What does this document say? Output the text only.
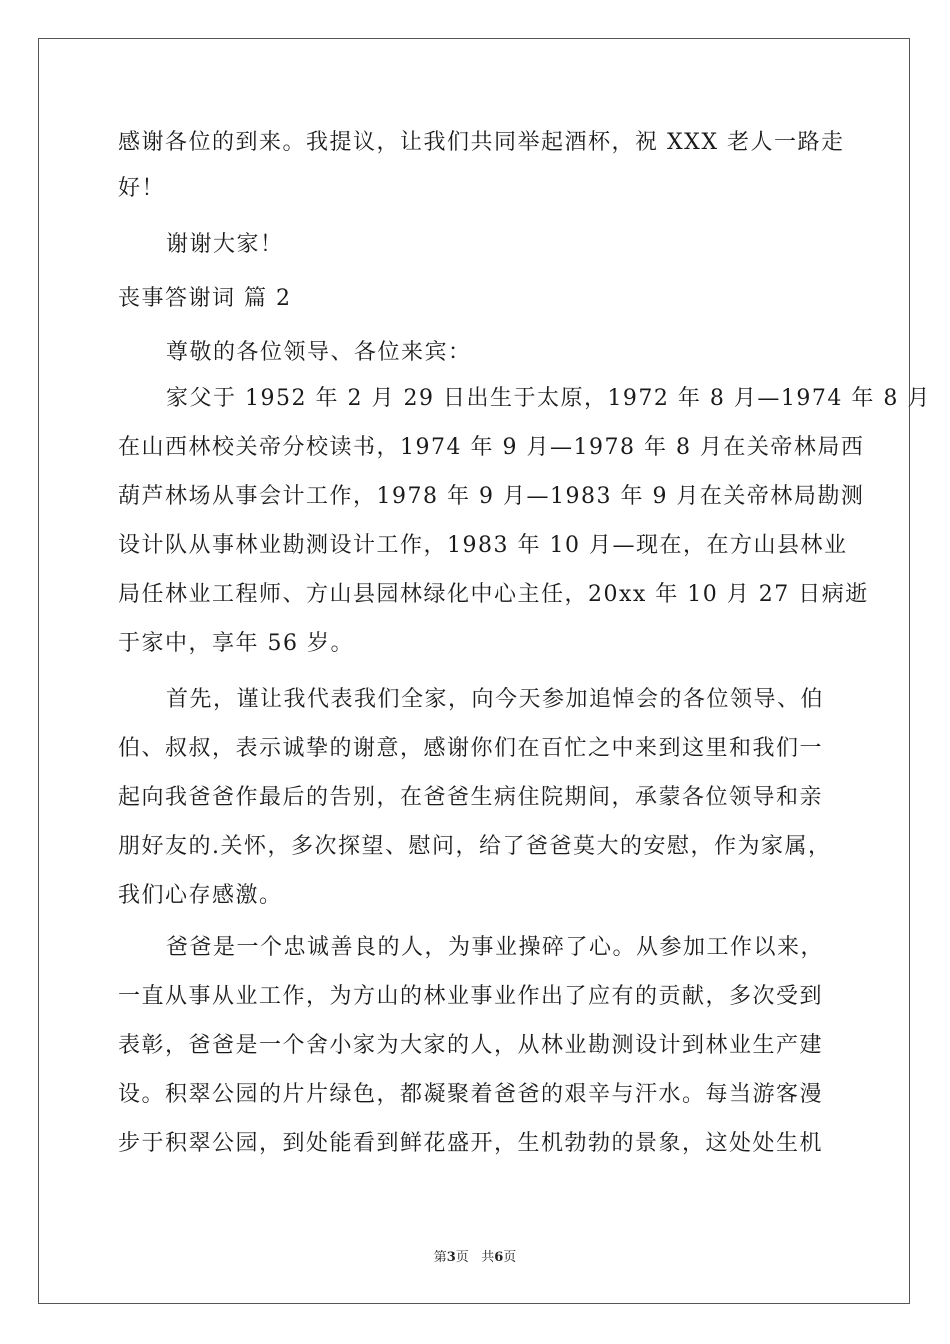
感谢各位的到来。我提议，让我们共同举起酒杯，祝 XXX 老人一路走
好！
谢谢大家！
丧事答谢词 篇 2
尊敬的各位领导、各位来宾：
家父于 1952 年 2 月 29 日出生于太原，1972 年 8 月—1974 年 8 月
在山西林校关帝分校读书，1974 年 9 月—1978 年 8 月在关帝林局西
葫芦林场从事会计工作，1978 年 9 月—1983 年 9 月在关帝林局勘测
设计队从事林业勘测设计工作，1983 年 10 月—现在，在方山县林业
局任林业工程师、方山县园林绿化中心主任，20xx 年 10 月 27 日病逝
于家中，享年 56 岁。
首先，谨让我代表我们全家，向今天参加追悼会的各位领导、伯
伯、叔叔，表示诚挚的谢意，感谢你们在百忙之中来到这里和我们一
起向我爸爸作最后的告别，在爸爸生病住院期间，承蒙各位领导和亲
朋好友的.关怀，多次探望、慰问，给了爸爸莫大的安慰，作为家属，
我们心存感激。
爸爸是一个忠诚善良的人，为事业操碎了心。从参加工作以来，
一直从事从业工作，为方山的林业事业作出了应有的贡献，多次受到
表彰，爸爸是一个舍小家为大家的人，从林业勘测设计到林业生产建
设。积翠公园的片片绿色，都凝聚着爸爸的艰辛与汗水。每当游客漫
步于积翠公园，到处能看到鲜花盛开，生机勃勃的景象，这处处生机
第3页 共6页
